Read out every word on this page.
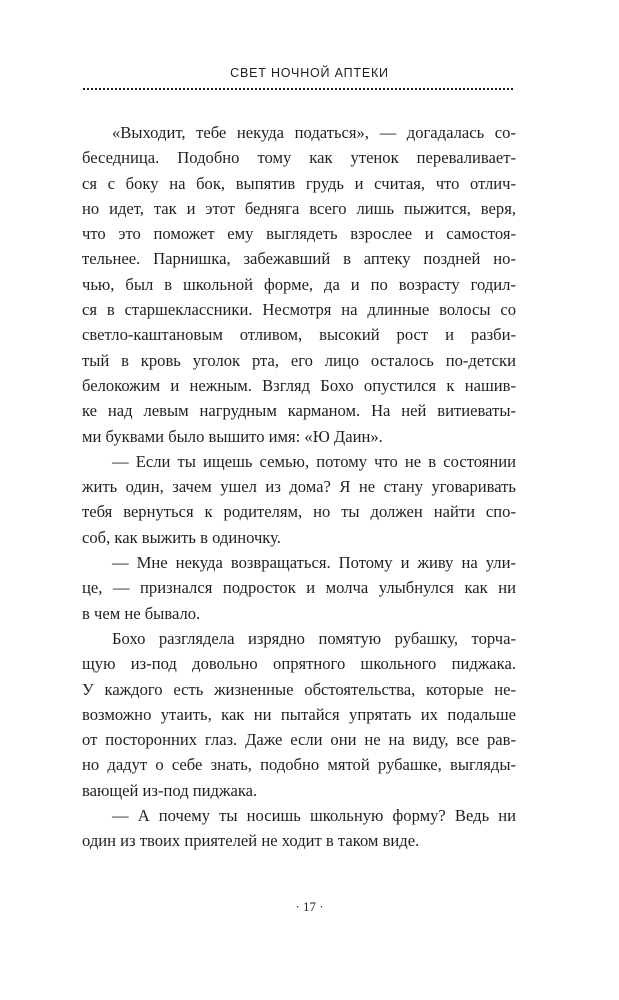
СВЕТ НОЧНОЙ АПТЕКИ
«Выходит, тебе некуда податься», — догадалась со-
беседница. Подобно тому как утенок переваливает-
ся с боку на бок, выпятив грудь и считая, что отлич-
но идет, так и этот бедняга всего лишь пыжится, веря,
что это поможет ему выглядеть взрослее и самостоя-
тельнее. Парнишка, забежавший в аптеку поздней но-
чью, был в школьной форме, да и по возрасту годил-
ся в старшеклассники. Несмотря на длинные волосы со
светло-каштановым отливом, высокий рост и разби-
тый в кровь уголок рта, его лицо осталось по-детски
белокожим и нежным. Взгляд Бохо опустился к нашив-
ке над левым нагрудным карманом. На ней витиеваты-
ми буквами было вышито имя: «Ю Даин».
— Если ты ищешь семью, потому что не в состоянии
жить один, зачем ушел из дома? Я не стану уговаривать
тебя вернуться к родителям, но ты должен найти спо-
соб, как выжить в одиночку.
— Мне некуда возвращаться. Потому и живу на ули-
це, — признался подросток и молча улыбнулся как ни
в чем не бывало.
Бохо разглядела изрядно помятую рубашку, торча-
щую из-под довольно опрятного школьного пиджака.
У каждого есть жизненные обстоятельства, которые не-
возможно утаить, как ни пытайся упрятать их подальше
от посторонних глаз. Даже если они не на виду, все рав-
но дадут о себе знать, подобно мятой рубашке, выгляды-
вающей из-под пиджака.
— А почему ты носишь школьную форму? Ведь ни
один из твоих приятелей не ходит в таком виде.
· 17 ·
